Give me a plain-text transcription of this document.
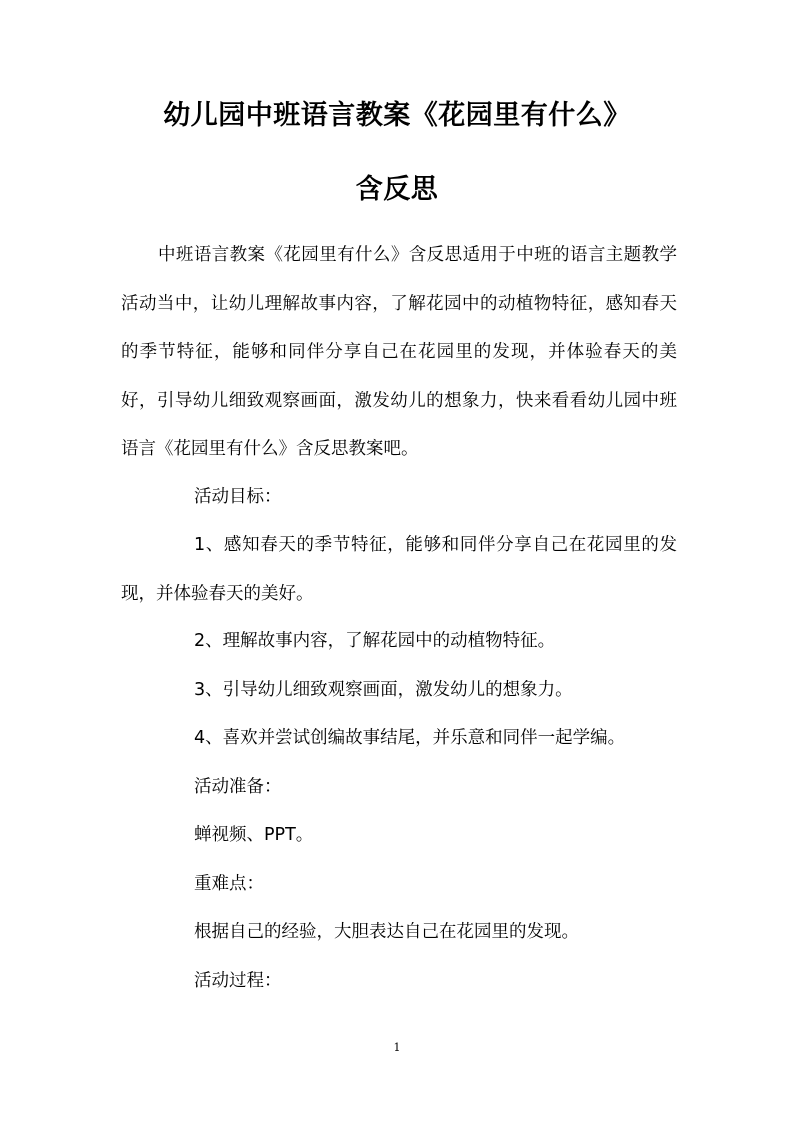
幼儿园中班语言教案《花园里有什么》
含反思

中班语言教案《花园里有什么》含反思适用于中班的语言主题教学活动当中，让幼儿理解故事内容，了解花园中的动植物特征，感知春天的季节特征，能够和同伴分享自己在花园里的发现，并体验春天的美好，引导幼儿细致观察画面，激发幼儿的想象力，快来看看幼儿园中班语言《花园里有什么》含反思教案吧。

活动目标：

1、感知春天的季节特征，能够和同伴分享自己在花园里的发现，并体验春天的美好。

2、理解故事内容，了解花园中的动植物特征。
3、引导幼儿细致观察画面，激发幼儿的想象力。
4、喜欢并尝试创编故事结尾，并乐意和同伴一起学编。
活动准备：
蝉视频、PPT。
重难点：
根据自己的经验，大胆表达自己在花园里的发现。
活动过程：
1
